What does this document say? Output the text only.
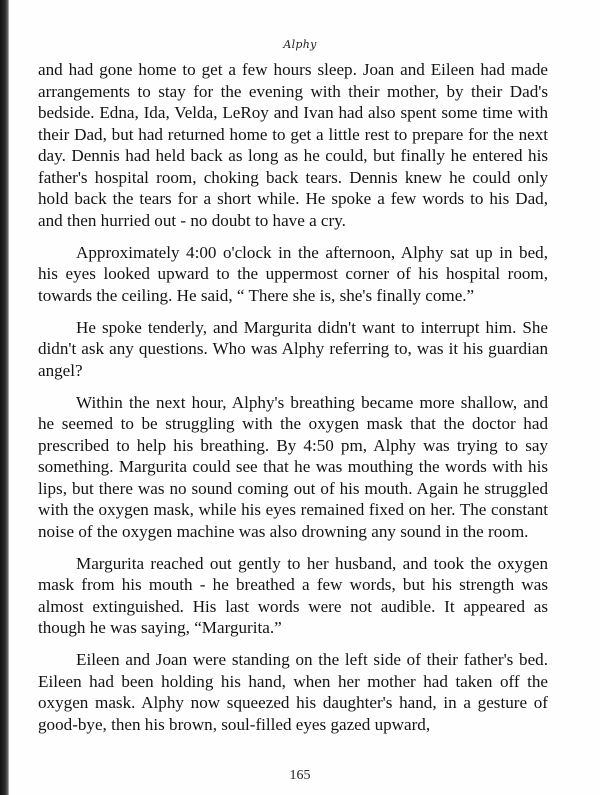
Alphy

and had gone home to get a few hours sleep. Joan and Eileen had made arrangements to stay for the evening with their mother, by their Dad's bedside. Edna, Ida, Velda, LeRoy and Ivan had also spent some time with their Dad, but had returned home to get a little rest to prepare for the next day. Dennis had held back as long as he could, but finally he entered his father's hospital room, choking back tears. Dennis knew he could only hold back the tears for a short while. He spoke a few words to his Dad, and then hurried out - no doubt to have a cry.

Approximately 4:00 o'clock in the afternoon, Alphy sat up in bed, his eyes looked upward to the uppermost corner of his hospital room, towards the ceiling. He said, “ There she is, she's finally come.”

He spoke tenderly, and Margurita didn't want to interrupt him. She didn't ask any questions. Who was Alphy referring to, was it his guardian angel?

Within the next hour, Alphy's breathing became more shallow, and he seemed to be struggling with the oxygen mask that the doctor had prescribed to help his breathing. By 4:50 pm, Alphy was trying to say something. Margurita could see that he was mouthing the words with his lips, but there was no sound coming out of his mouth. Again he struggled with the oxygen mask, while his eyes remained fixed on her. The constant noise of the oxygen machine was also drowning any sound in the room.

Margurita reached out gently to her husband, and took the oxygen mask from his mouth - he breathed a few words, but his strength was almost extinguished. His last words were not audible. It appeared as though he was saying, “Margurita.”

Eileen and Joan were standing on the left side of their father's bed. Eileen had been holding his hand, when her mother had taken off the oxygen mask. Alphy now squeezed his daughter's hand, in a gesture of good-bye, then his brown, soul-filled eyes gazed upward,

165
